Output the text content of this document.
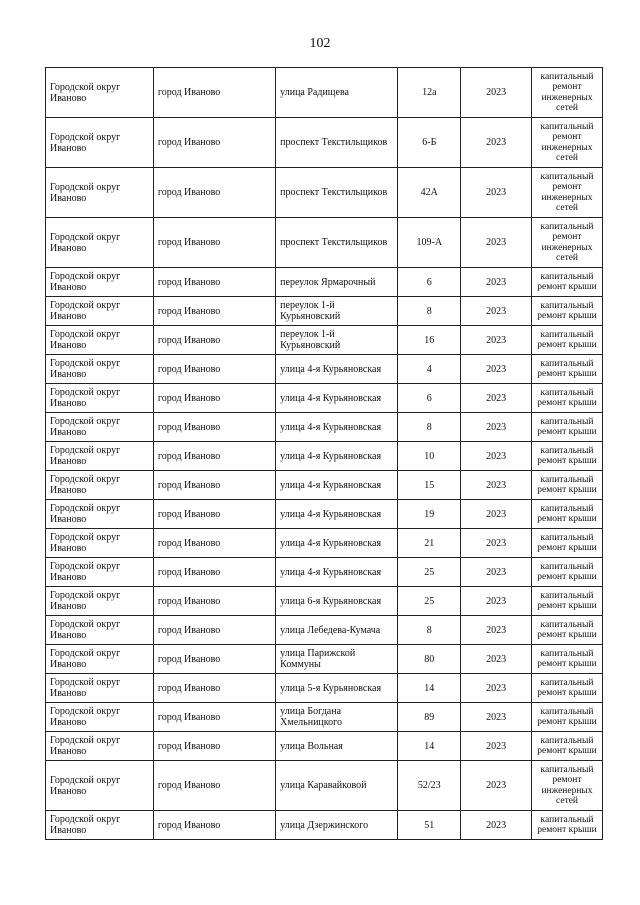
102
Городской округ Иваново	город Иваново	улица Радищева	12а	2023	капитальный ремонт инженерных сетей
Городской округ Иваново	город Иваново	проспект Текстильщиков	6-Б	2023	капитальный ремонт инженерных сетей
Городской округ Иваново	город Иваново	проспект Текстильщиков	42А	2023	капитальный ремонт инженерных сетей
Городской округ Иваново	город Иваново	проспект Текстильщиков	109-А	2023	капитальный ремонт инженерных сетей
Городской округ Иваново	город Иваново	переулок Ярмарочный	6	2023	капитальный ремонт крыши
Городской округ Иваново	город Иваново	переулок 1-й Курьяновский	8	2023	капитальный ремонт крыши
Городской округ Иваново	город Иваново	переулок 1-й Курьяновский	16	2023	капитальный ремонт крыши
Городской округ Иваново	город Иваново	улица 4-я Курьяновская	4	2023	капитальный ремонт крыши
Городской округ Иваново	город Иваново	улица 4-я Курьяновская	6	2023	капитальный ремонт крыши
Городской округ Иваново	город Иваново	улица 4-я Курьяновская	8	2023	капитальный ремонт крыши
Городской округ Иваново	город Иваново	улица 4-я Курьяновская	10	2023	капитальный ремонт крыши
Городской округ Иваново	город Иваново	улица 4-я Курьяновская	15	2023	капитальный ремонт крыши
Городской округ Иваново	город Иваново	улица 4-я Курьяновская	19	2023	капитальный ремонт крыши
Городской округ Иваново	город Иваново	улица 4-я Курьяновская	21	2023	капитальный ремонт крыши
Городской округ Иваново	город Иваново	улица 4-я Курьяновская	25	2023	капитальный ремонт крыши
Городской округ Иваново	город Иваново	улица 6-я Курьяновская	25	2023	капитальный ремонт крыши
Городской округ Иваново	город Иваново	улица Лебедева-Кумача	8	2023	капитальный ремонт крыши
Городской округ Иваново	город Иваново	улица Парижской Коммуны	80	2023	капитальный ремонт крыши
Городской округ Иваново	город Иваново	улица 5-я Курьяновская	14	2023	капитальный ремонт крыши
Городской округ Иваново	город Иваново	улица Богдана Хмельницкого	89	2023	капитальный ремонт крыши
Городской округ Иваново	город Иваново	улица Вольная	14	2023	капитальный ремонт крыши
Городской округ Иваново	город Иваново	улица Каравайковой	52/23	2023	капитальный ремонт инженерных сетей
Городской округ Иваново	город Иваново	улица Дзержинского	51	2023	капитальный ремонт крыши
